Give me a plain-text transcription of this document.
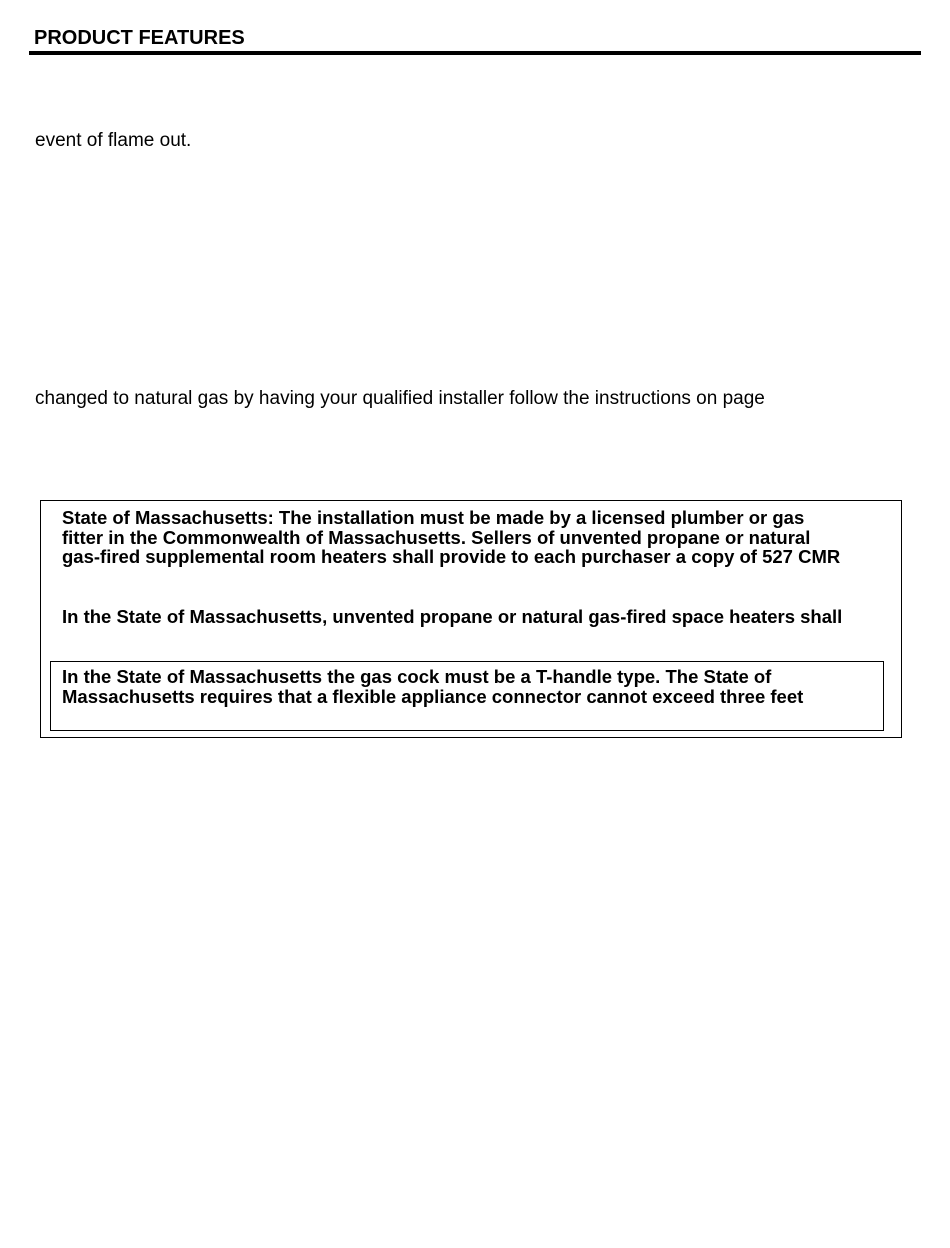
PRODUCT FEATURES
event of flame out.
changed to natural gas by having your qualified installer follow the instructions on page
State of Massachusetts: The installation must be made by a licensed plumber or gas
fitter in the Commonwealth of Massachusetts. Sellers of unvented propane or natural
gas-fired supplemental room heaters shall provide to each purchaser a copy of 527 CMR
In the State of Massachusetts, unvented propane or natural gas-fired space heaters shall
In the State of Massachusetts the gas cock must be a T-handle type. The State of
Massachusetts requires that a flexible appliance connector cannot exceed three feet
